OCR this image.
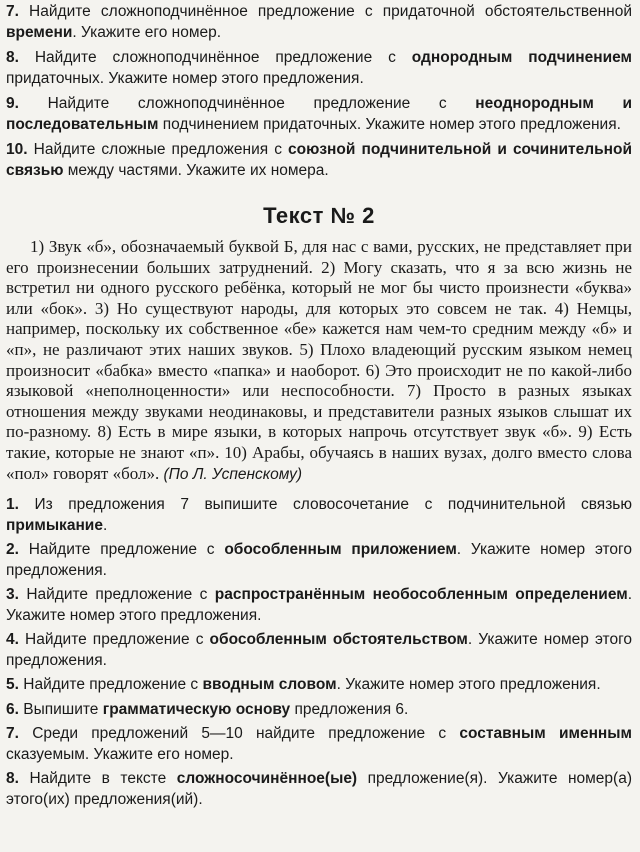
7. Найдите сложноподчинённое предложение с придаточной обстоятельственной времени. Укажите его номер.

8. Найдите сложноподчинённое предложение с однородным подчинением придаточных. Укажите номер этого предложения.

9. Найдите сложноподчинённое предложение с неоднородным и последовательным подчинением придаточных. Укажите номер этого предложения.

10. Найдите сложные предложения с союзной подчинительной и сочинительной связью между частями. Укажите их номера.

Текст № 2

1) Звук «б», обозначаемый буквой Б, для нас с вами, русских, не представляет при его произнесении больших затруднений. 2) Могу сказать, что я за всю жизнь не встретил ни одного русского ребёнка, который не мог бы чисто произнести «буква» или «бок». 3) Но существуют народы, для которых это совсем не так. 4) Немцы, например, поскольку их собственное «бе» кажется нам чем-то средним между «б» и «п», не различают этих наших звуков. 5) Плохо владеющий русским языком немец произносит «бабка» вместо «папка» и наоборот. 6) Это происходит не по какой-либо языковой «неполноценности» или неспособности. 7) Просто в разных языках отношения между звуками неодинаковы, и представители разных языков слышат их по-разному. 8) Есть в мире языки, в которых напрочь отсутствует звук «б». 9) Есть такие, которые не знают «п». 10) Арабы, обучаясь в наших вузах, долго вместо слова «пол» говорят «бол». (По Л. Успенскому)

1. Из предложения 7 выпишите словосочетание с подчинительной связью примыкание.

2. Найдите предложение с обособленным приложением. Укажите номер этого предложения.

3. Найдите предложение с распространённым необособленным определением. Укажите номер этого предложения.

4. Найдите предложение с обособленным обстоятельством. Укажите номер этого предложения.

5. Найдите предложение с вводным словом. Укажите номер этого предложения.

6. Выпишите грамматическую основу предложения 6.

7. Среди предложений 5—10 найдите предложение с составным именным сказуемым. Укажите его номер.

8. Найдите в тексте сложносочинённое(ые) предложение(я). Укажите номер(а) этого(их) предложения(ий).
